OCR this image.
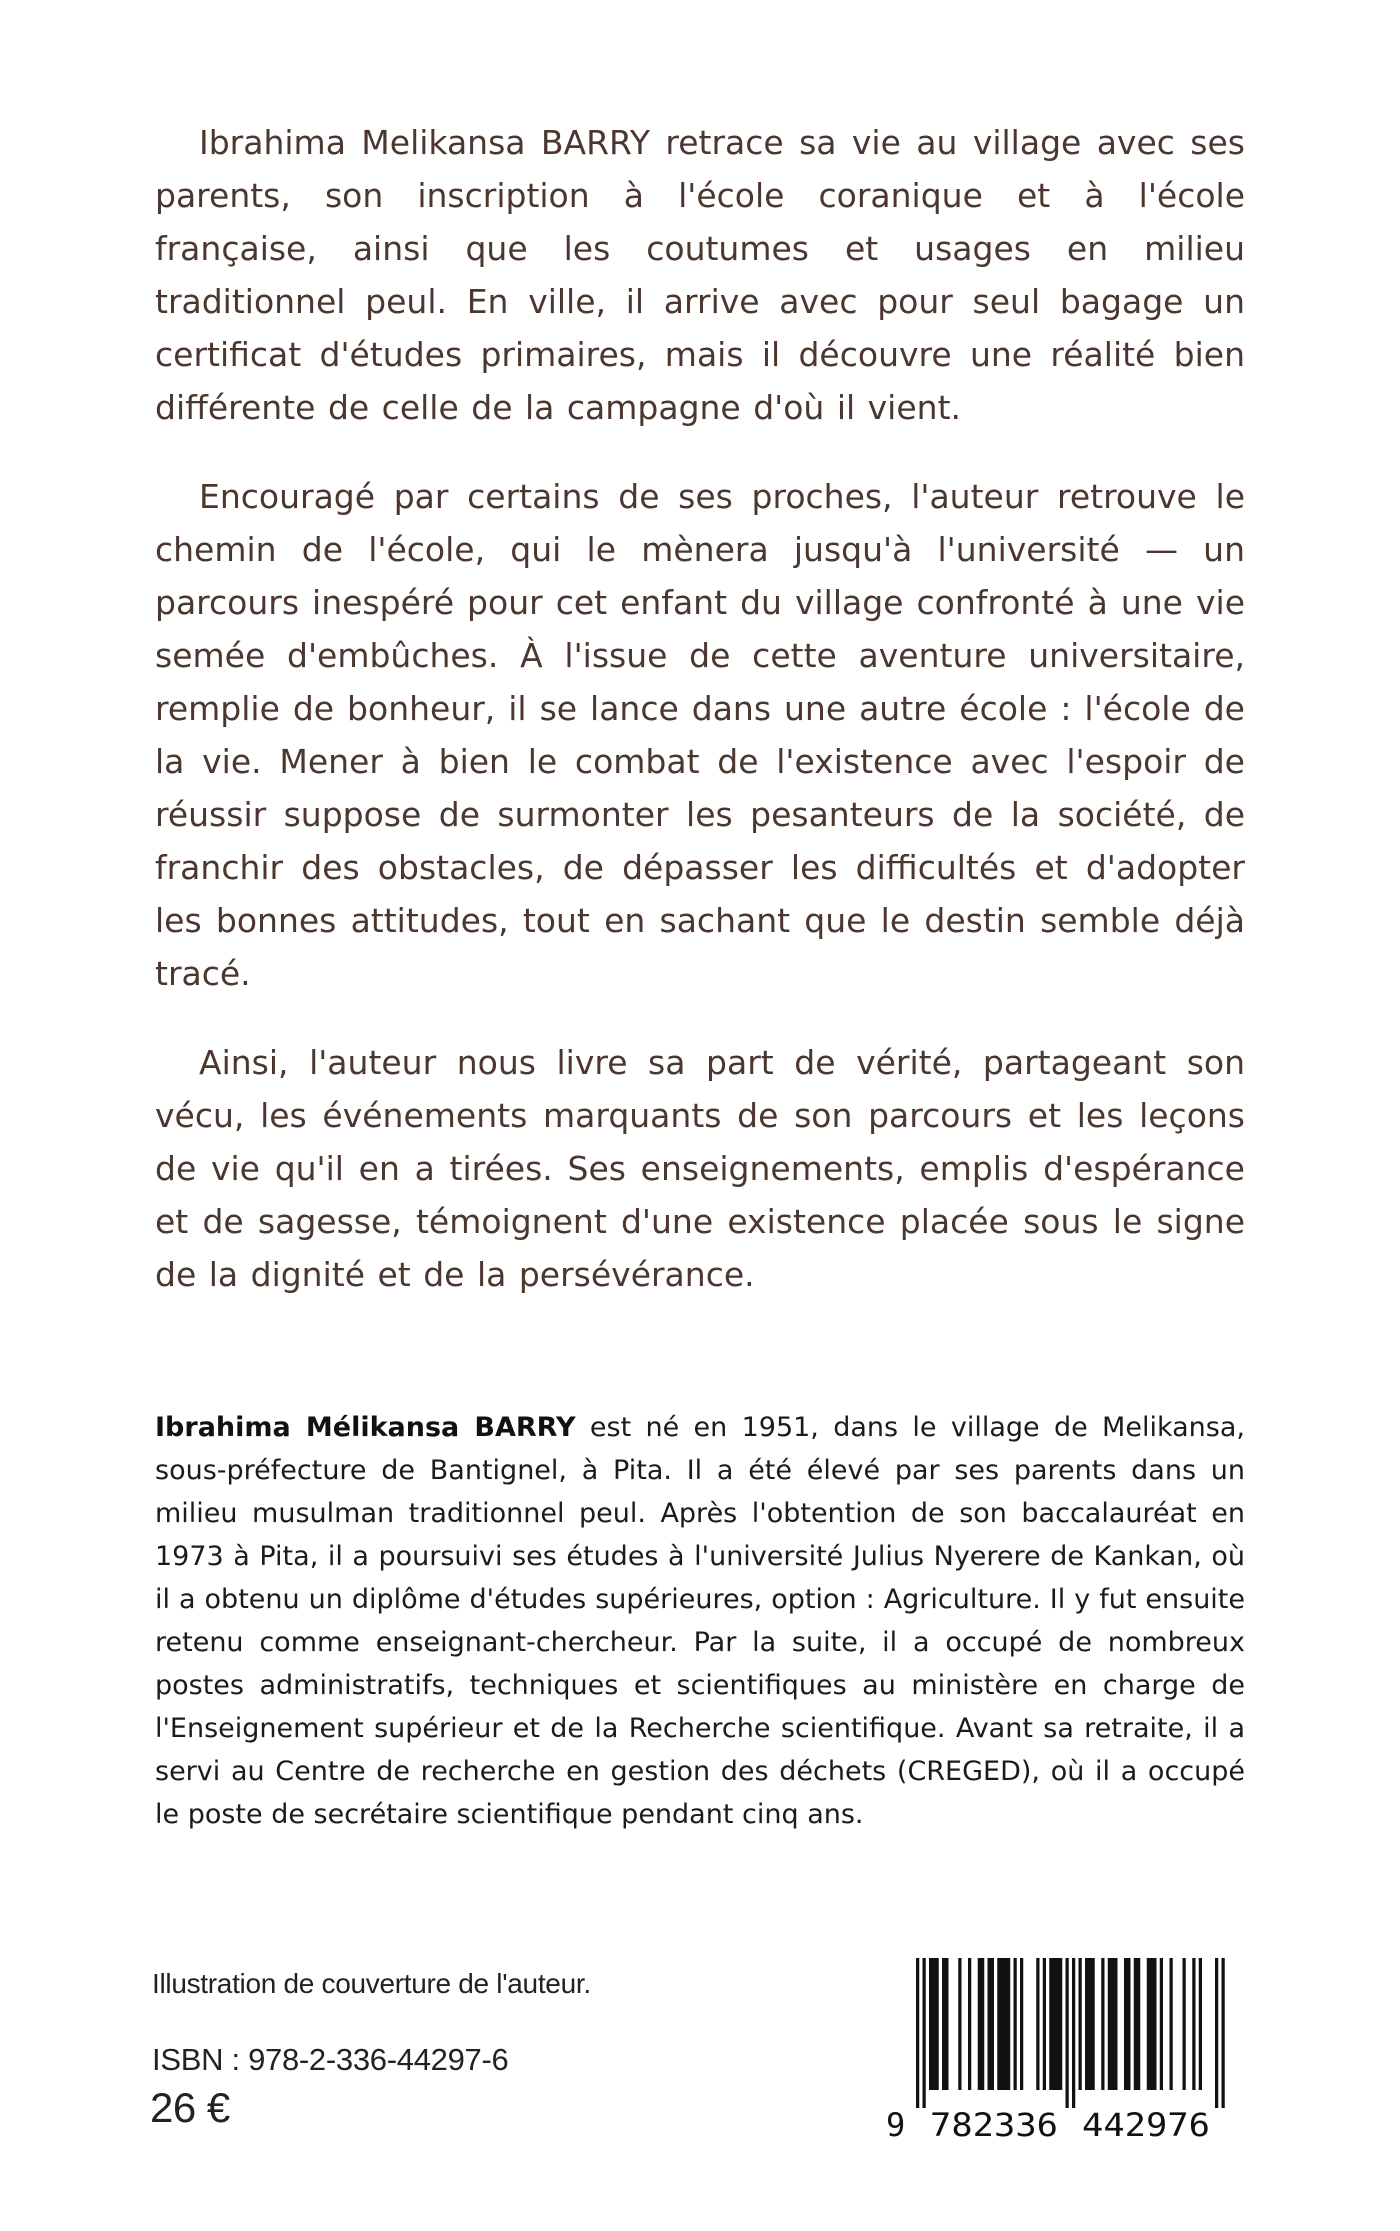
Ibrahima Melikansa BARRY retrace sa vie au village avec ses parents, son inscription à l'école coranique et à l'école française, ainsi que les coutumes et usages en milieu traditionnel peul. En ville, il arrive avec pour seul bagage un certificat d'études primaires, mais il découvre une réalité bien différente de celle de la campagne d'où il vient.

Encouragé par certains de ses proches, l'auteur retrouve le chemin de l'école, qui le mènera jusqu'à l'université — un parcours inespéré pour cet enfant du village confronté à une vie semée d'embûches. À l'issue de cette aventure universitaire, remplie de bonheur, il se lance dans une autre école : l'école de la vie. Mener à bien le combat de l'existence avec l'espoir de réussir suppose de surmonter les pesanteurs de la société, de franchir des obstacles, de dépasser les difficultés et d'adopter les bonnes attitudes, tout en sachant que le destin semble déjà tracé.

Ainsi, l'auteur nous livre sa part de vérité, partageant son vécu, les événements marquants de son parcours et les leçons de vie qu'il en a tirées. Ses enseignements, emplis d'espérance et de sagesse, témoignent d'une existence placée sous le signe de la dignité et de la persévérance.

Ibrahima Mélikansa BARRY est né en 1951, dans le village de Melikansa, sous-préfecture de Bantignel, à Pita. Il a été élevé par ses parents dans un milieu musulman traditionnel peul. Après l'obtention de son baccalauréat en 1973 à Pita, il a poursuivi ses études à l'université Julius Nyerere de Kankan, où il a obtenu un diplôme d'études supérieures, option : Agriculture. Il y fut ensuite retenu comme enseignant-chercheur. Par la suite, il a occupé de nombreux postes administratifs, techniques et scientifiques au ministère en charge de l'Enseignement supérieur et de la Recherche scientifique. Avant sa retraite, il a servi au Centre de recherche en gestion des déchets (CREGED), où il a occupé le poste de secrétaire scientifique pendant cinq ans.

Illustration de couverture de l'auteur.
ISBN : 978-2-336-44297-6
26 €	9 782336 442976
